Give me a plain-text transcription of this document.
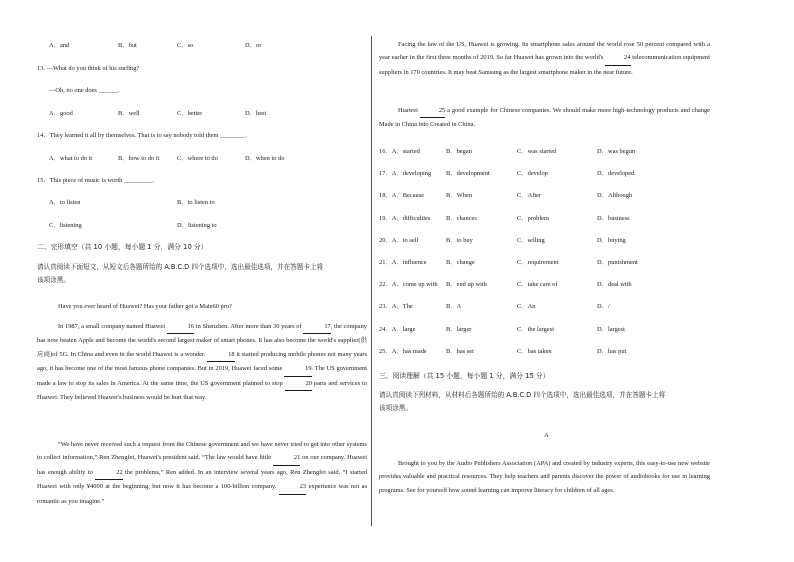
A．and	B．but	C．so	D．or
13. —What do you think of his surfing?
—Oh, no one does ______.
A．good	B．well	C．better	D．best
14．They learned it all by themselves. That is to say nobody told them ________.
A．what to do it	B．how to do it	C．where to do	D．when to do
15．This piece of music is worth _________.
A．to listen	B．to listen to
C．listening	D．listening to
二、完形填空（共 10 小题，每小题 1 分，满分 10 分）
请认真阅读下面短文，从短文后各题所给的 A.B.C.D 四个选项中，选出最佳选项，并在答题卡上将
该项涂黑。
Have you ever heard of Huawei? Has your father got a Mate60 pro?
In 1987, a small company named Huawei	16 in Shenzhen. After more than 30 years of	17, the company has now beaten Apple and become the world's second largest maker of smart phones. It has also become the world's supplier(供应商)of 5G. In China and even in the world Huawei is a wonder.	18 it started producing mobile phones not many years ago, it has become one of the most famous phone companies. But in 2019, Huawei faced some	19. The US government made a law to stop its sales in America. At the same time, the US government planned to stop	20 parts and services to Huawei. They believed Huawei's business would be hurt that way.
“We have never received such a request from the Chinese government and we have never tried to get into other systems to collect information,” Ren Zhengfei, Huawei's president said. “The law would have little	21 on our company. Huawei has enough ability to	22 the problems,” Ren added. In an interview several years ago, Ren Zhengfei said, “I started Huawei with only ¥4000 at the beginning, but now it has become a 100-billion company.	23 experience was not as romantic as you imagine.”
Facing the law of the US, Huawei is growing. Its smartphone sales around the world rose 50 percent compared with a year earlier in the first three months of 2019. So far Huawei has grown into the world's	24 telecommunication equipment suppliers in 170 countries. It may beat Samsung as the largest smartphone maker in the near future.
Huawei	25 a good example for Chinese companies. We should make more high-technology products and change Made in China into Created in China.
16．A．started	B．began	C．was started	D．was begun
17．A．developing B．development	C．develop	D．developed
18．A．Because	B．When	C．After	D．Although
19．A．difficulties B．chances	C．problem	D．business
20．A．to sell	B．to buy	C．selling	D．buying
21．A．influence	B．change	C．requirement	D．punishment
22．A．come up with B．end up with	C．take care of	D．deal with
23．A．The	B．A	C．An	D．/
24．A．large	B．larger	C．the largest	D．largest
25．A．has made	B．has set	C．has taken	D．has put
三、阅读理解（共 15 小题，每小题 1 分，满分 15 分）
请认真阅读下列材料，从材料后各题所给的 A.B.C.D 四个选项中，选出最佳选项，并在答题卡上将
该项涂黑。
A
Brought to you by the Audio Publishers Association (APA) and created by industry experts, this easy-to-use new website provides valuable and practical resources. They help teachers and parents discover the power of audiobooks for use in learning programs. See for yourself how sound learning can improve literacy for children of all ages.
